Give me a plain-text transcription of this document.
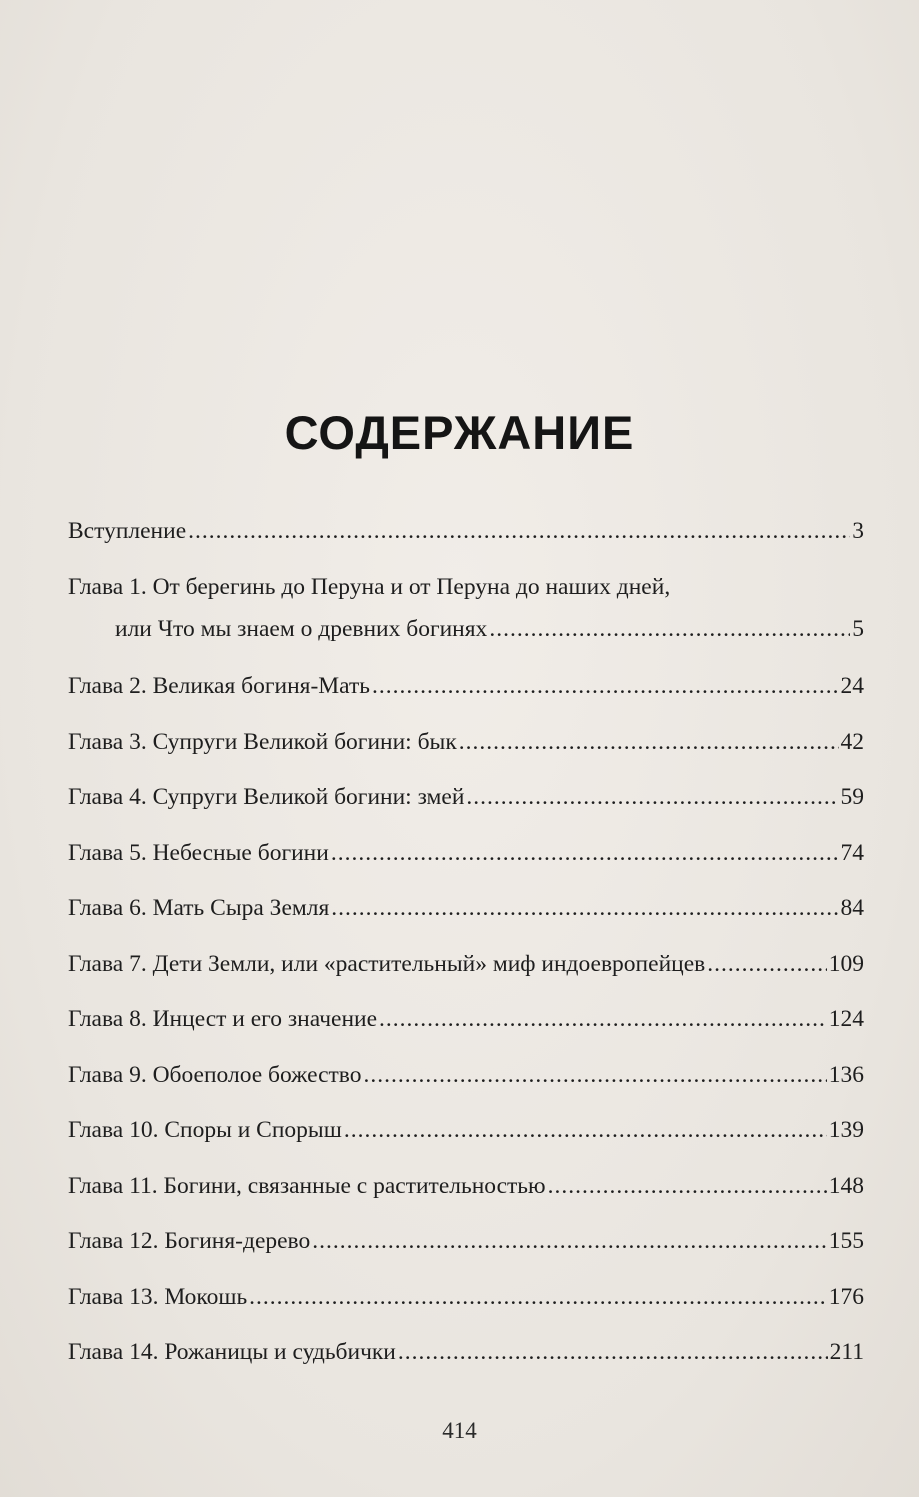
СОДЕРЖАНИЕ
Вступление .....	3
Глава 1. От берегинь до Перуна и от Перуна до наших дней,
или Что мы знаем о древних богинях .....	5
Глава 2. Великая богиня-Мать .....	24
Глава 3. Супруги Великой богини: бык .....	42
Глава 4. Супруги Великой богини: змей .....	59
Глава 5. Небесные богини .....	74
Глава 6. Мать Сыра Земля .....	84
Глава 7. Дети Земли, или «растительный» миф индоевропейцев .....	109
Глава 8. Инцест и его значение .....	124
Глава 9. Обоеполое божество .....	136
Глава 10. Споры и Спорыш .....	139
Глава 11. Богини, связанные с растительностью .....	148
Глава 12. Богиня-дерево .....	155
Глава 13. Мокошь .....	176
Глава 14. Рожаницы и судьбички .....	211
414
